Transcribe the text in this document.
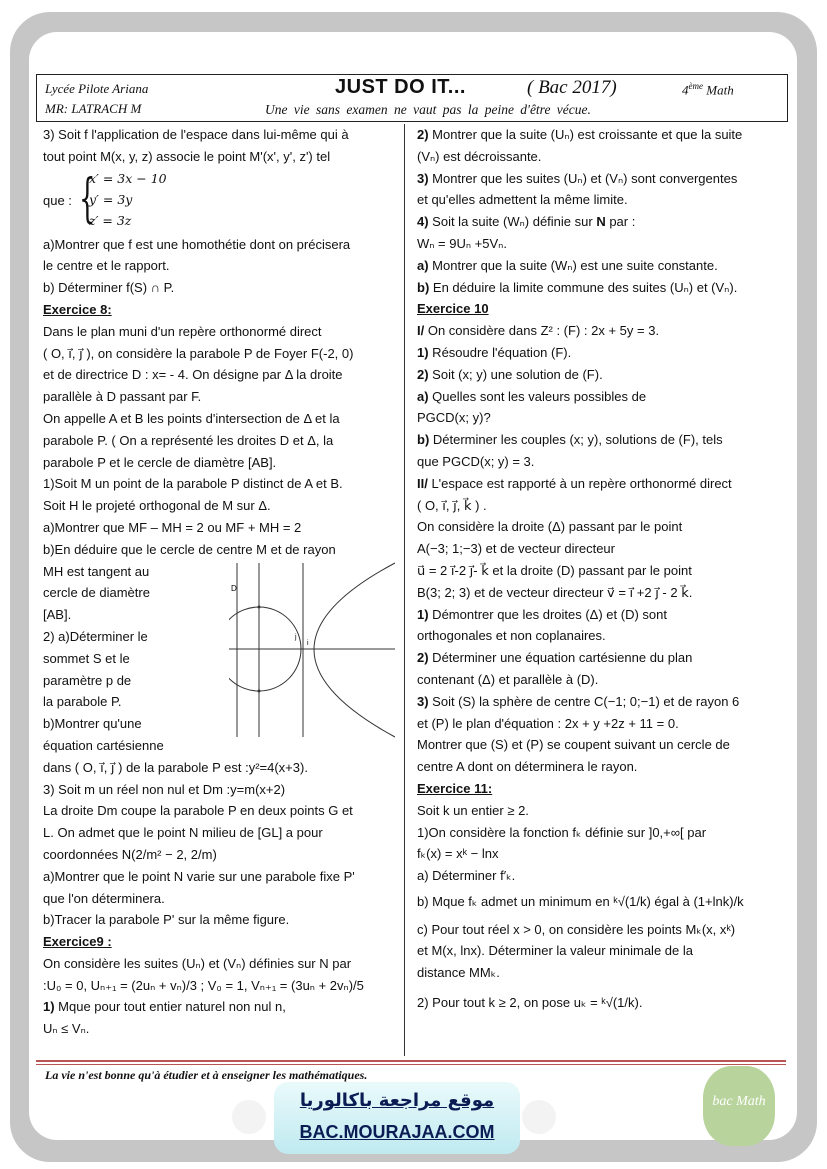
Lycée Pilote Ariana
MR: LATRACH M
JUST DO IT...	( Bac 2017)	4ème Math
Une vie sans examen ne vaut pas la peine d'être vécue.

3) Soit f l'application de l'espace dans lui-même qui à

tout point M(x, y, z) associe le point M'(x', y', z') tel

que : {
x′ = 3x − 10
y′ = 3y
z′ = 3z

a)Montrer que f est une homothétie dont on précisera

le centre et le rapport.

b) Déterminer f(S) ∩ P.

Exercice 8:

Dans le plan muni d'un repère orthonormé direct

( O, i⃗, j⃗ ), on considère la parabole P de Foyer F(-2, 0)

et de directrice D : x= - 4. On désigne par Δ la droite

parallèle à D passant par F.

On appelle A et B les points d'intersection de Δ et la

parabole P. ( On a représenté les droites D et Δ, la

parabole P et le cercle de diamètre [AB].

1)Soit M un point de la parabole P distinct de A et B.

Soit H le projeté orthogonal de M sur Δ.

a)Montrer que MF – MH = 2 ou MF + MH = 2

b)En déduire que le cercle de centre M et de rayon

D
j
i

MH est tangent au

cercle de diamètre

[AB].

2) a)Déterminer le

sommet S et le

paramètre p de

la parabole P.

b)Montrer qu'une

équation cartésienne

dans ( O, i⃗, j⃗ ) de la parabole P est :y²=4(x+3).

3) Soit m un réel non nul et Dm :y=m(x+2)

La droite Dm coupe la parabole P en deux points G et

L. On admet que le point N milieu de [GL] a pour

coordonnées N(2/m² − 2, 2/m)

a)Montrer que le point N varie sur une parabole fixe P'

que l'on déterminera.

b)Tracer la parabole P' sur la même figure.

Exercice9 :

On considère les suites (Uₙ) et (Vₙ) définies sur N par

:U₀ = 0, Uₙ₊₁ = (2uₙ + vₙ)/3 ; V₀ = 1, Vₙ₊₁ = (3uₙ + 2vₙ)/5

1) Mque pour tout entier naturel non nul n,

Uₙ ≤ Vₙ.

2) Montrer que la suite (Uₙ) est croissante et que la suite

(Vₙ) est décroissante.

3) Montrer que les suites (Uₙ) et (Vₙ) sont convergentes

et qu'elles admettent la même limite.

4) Soit la suite (Wₙ) définie sur N par :

Wₙ = 9Uₙ +5Vₙ.

a) Montrer que la suite (Wₙ) est une suite constante.

b) En déduire la limite commune des suites (Uₙ) et (Vₙ).

Exercice 10

I/ On considère dans Z² : (F) : 2x + 5y = 3.

1) Résoudre l'équation (F).

2) Soit (x; y) une solution de (F).

a) Quelles sont les valeurs possibles de

PGCD(x; y)?

b) Déterminer les couples (x; y), solutions de (F), tels

que PGCD(x; y) = 3.

II/ L'espace est rapporté à un repère orthonormé direct

( O, i⃗, j⃗, k⃗ ) .

On considère la droite (Δ) passant par le point

A(−3; 1;−3) et de vecteur directeur

u⃗ = 2 i⃗-2 j⃗- k⃗ et la droite (D) passant par le point

B(3; 2; 3) et de vecteur directeur v⃗ = i⃗ +2 j⃗ - 2 k⃗.

1) Démontrer que les droites (Δ) et (D) sont

orthogonales et non coplanaires.

2) Déterminer une équation cartésienne du plan

contenant (Δ) et parallèle à (D).

3) Soit (S) la sphère de centre C(−1; 0;−1) et de rayon 6

et (P) le plan d'équation : 2x + y +2z + 11 = 0.

Montrer que (S) et (P) se coupent suivant un cercle de

centre A dont on déterminera le rayon.

Exercice 11:

Soit k un entier ≥ 2.

1)On considère la fonction fₖ définie sur ]0,+∞[ par

fₖ(x) = xᵏ − lnx

a) Déterminer f′ₖ.

b) Mque fₖ admet un minimum en ᵏ√(1/k) égal à (1+lnk)/k

c) Pour tout réel x > 0, on considère les points Mₖ(x, xᵏ)

et M(x, lnx). Déterminer la valeur minimale de la

distance MMₖ.

2) Pour tout k ≥ 2, on pose uₖ = ᵏ√(1/k).

La vie n'est bonne qu'à étudier et à enseigner les mathématiques.
موقع مراجعة باكالوريا
BAC.MOURAJAA.COM
bac Math
